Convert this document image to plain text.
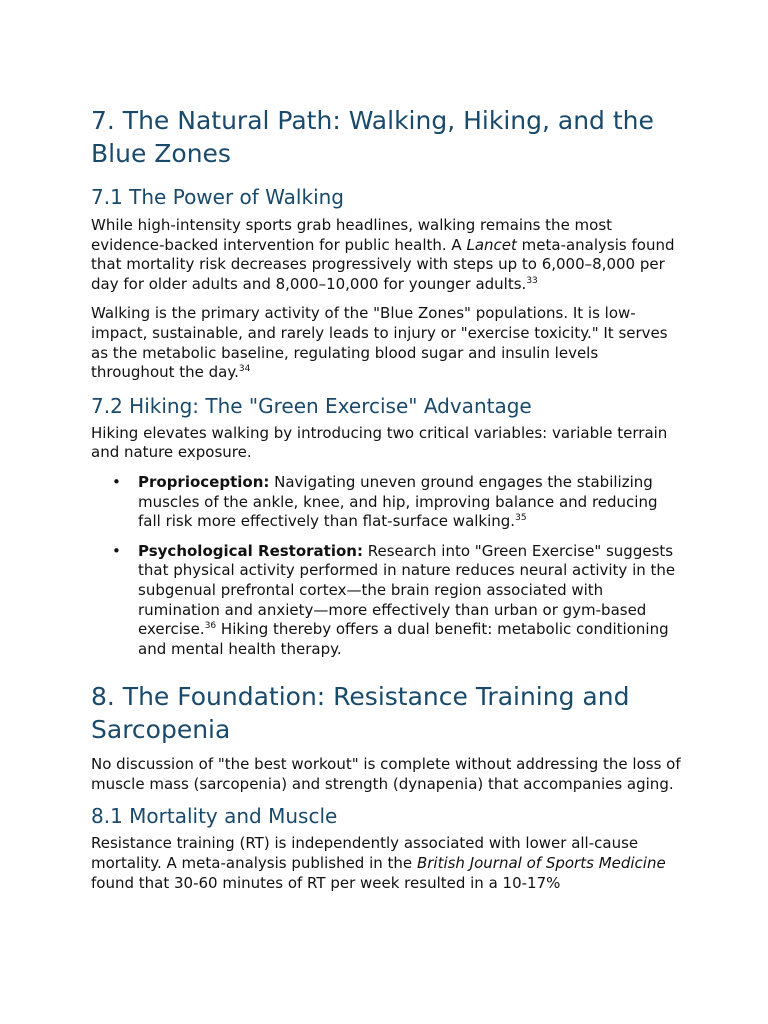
7. The Natural Path: Walking, Hiking, and the Blue Zones
7.1 The Power of Walking

While high-intensity sports grab headlines, walking remains the most evidence-backed intervention for public health. A Lancet meta-analysis found that mortality risk decreases progressively with steps up to 6,000–8,000 per day for older adults and 8,000–10,000 for younger adults.$^{33}$

Walking is the primary activity of the "Blue Zones" populations. It is low-impact, sustainable, and rarely leads to injury or "exercise toxicity." It serves as the metabolic baseline, regulating blood sugar and insulin levels throughout the day.$^{34}$

7.2 Hiking: The "Green Exercise" Advantage

Hiking elevates walking by introducing two critical variables: variable terrain and nature exposure.

• Proprioception: Navigating uneven ground engages the stabilizing muscles of the ankle, knee, and hip, improving balance and reducing fall risk more effectively than flat-surface walking.$^{35}$
• Psychological Restoration: Research into "Green Exercise" suggests that physical activity performed in nature reduces neural activity in the subgenual prefrontal cortex—the brain region associated with rumination and anxiety—more effectively than urban or gym-based exercise.$^{36}$ Hiking thereby offers a dual benefit: metabolic conditioning and mental health therapy.
8. The Foundation: Resistance Training and Sarcopenia

No discussion of "the best workout" is complete without addressing the loss of muscle mass (sarcopenia) and strength (dynapenia) that accompanies aging.

8.1 Mortality and Muscle

Resistance training (RT) is independently associated with lower all-cause mortality. A meta-analysis published in the British Journal of Sports Medicine found that 30-60 minutes of RT per week resulted in a 10-17%
